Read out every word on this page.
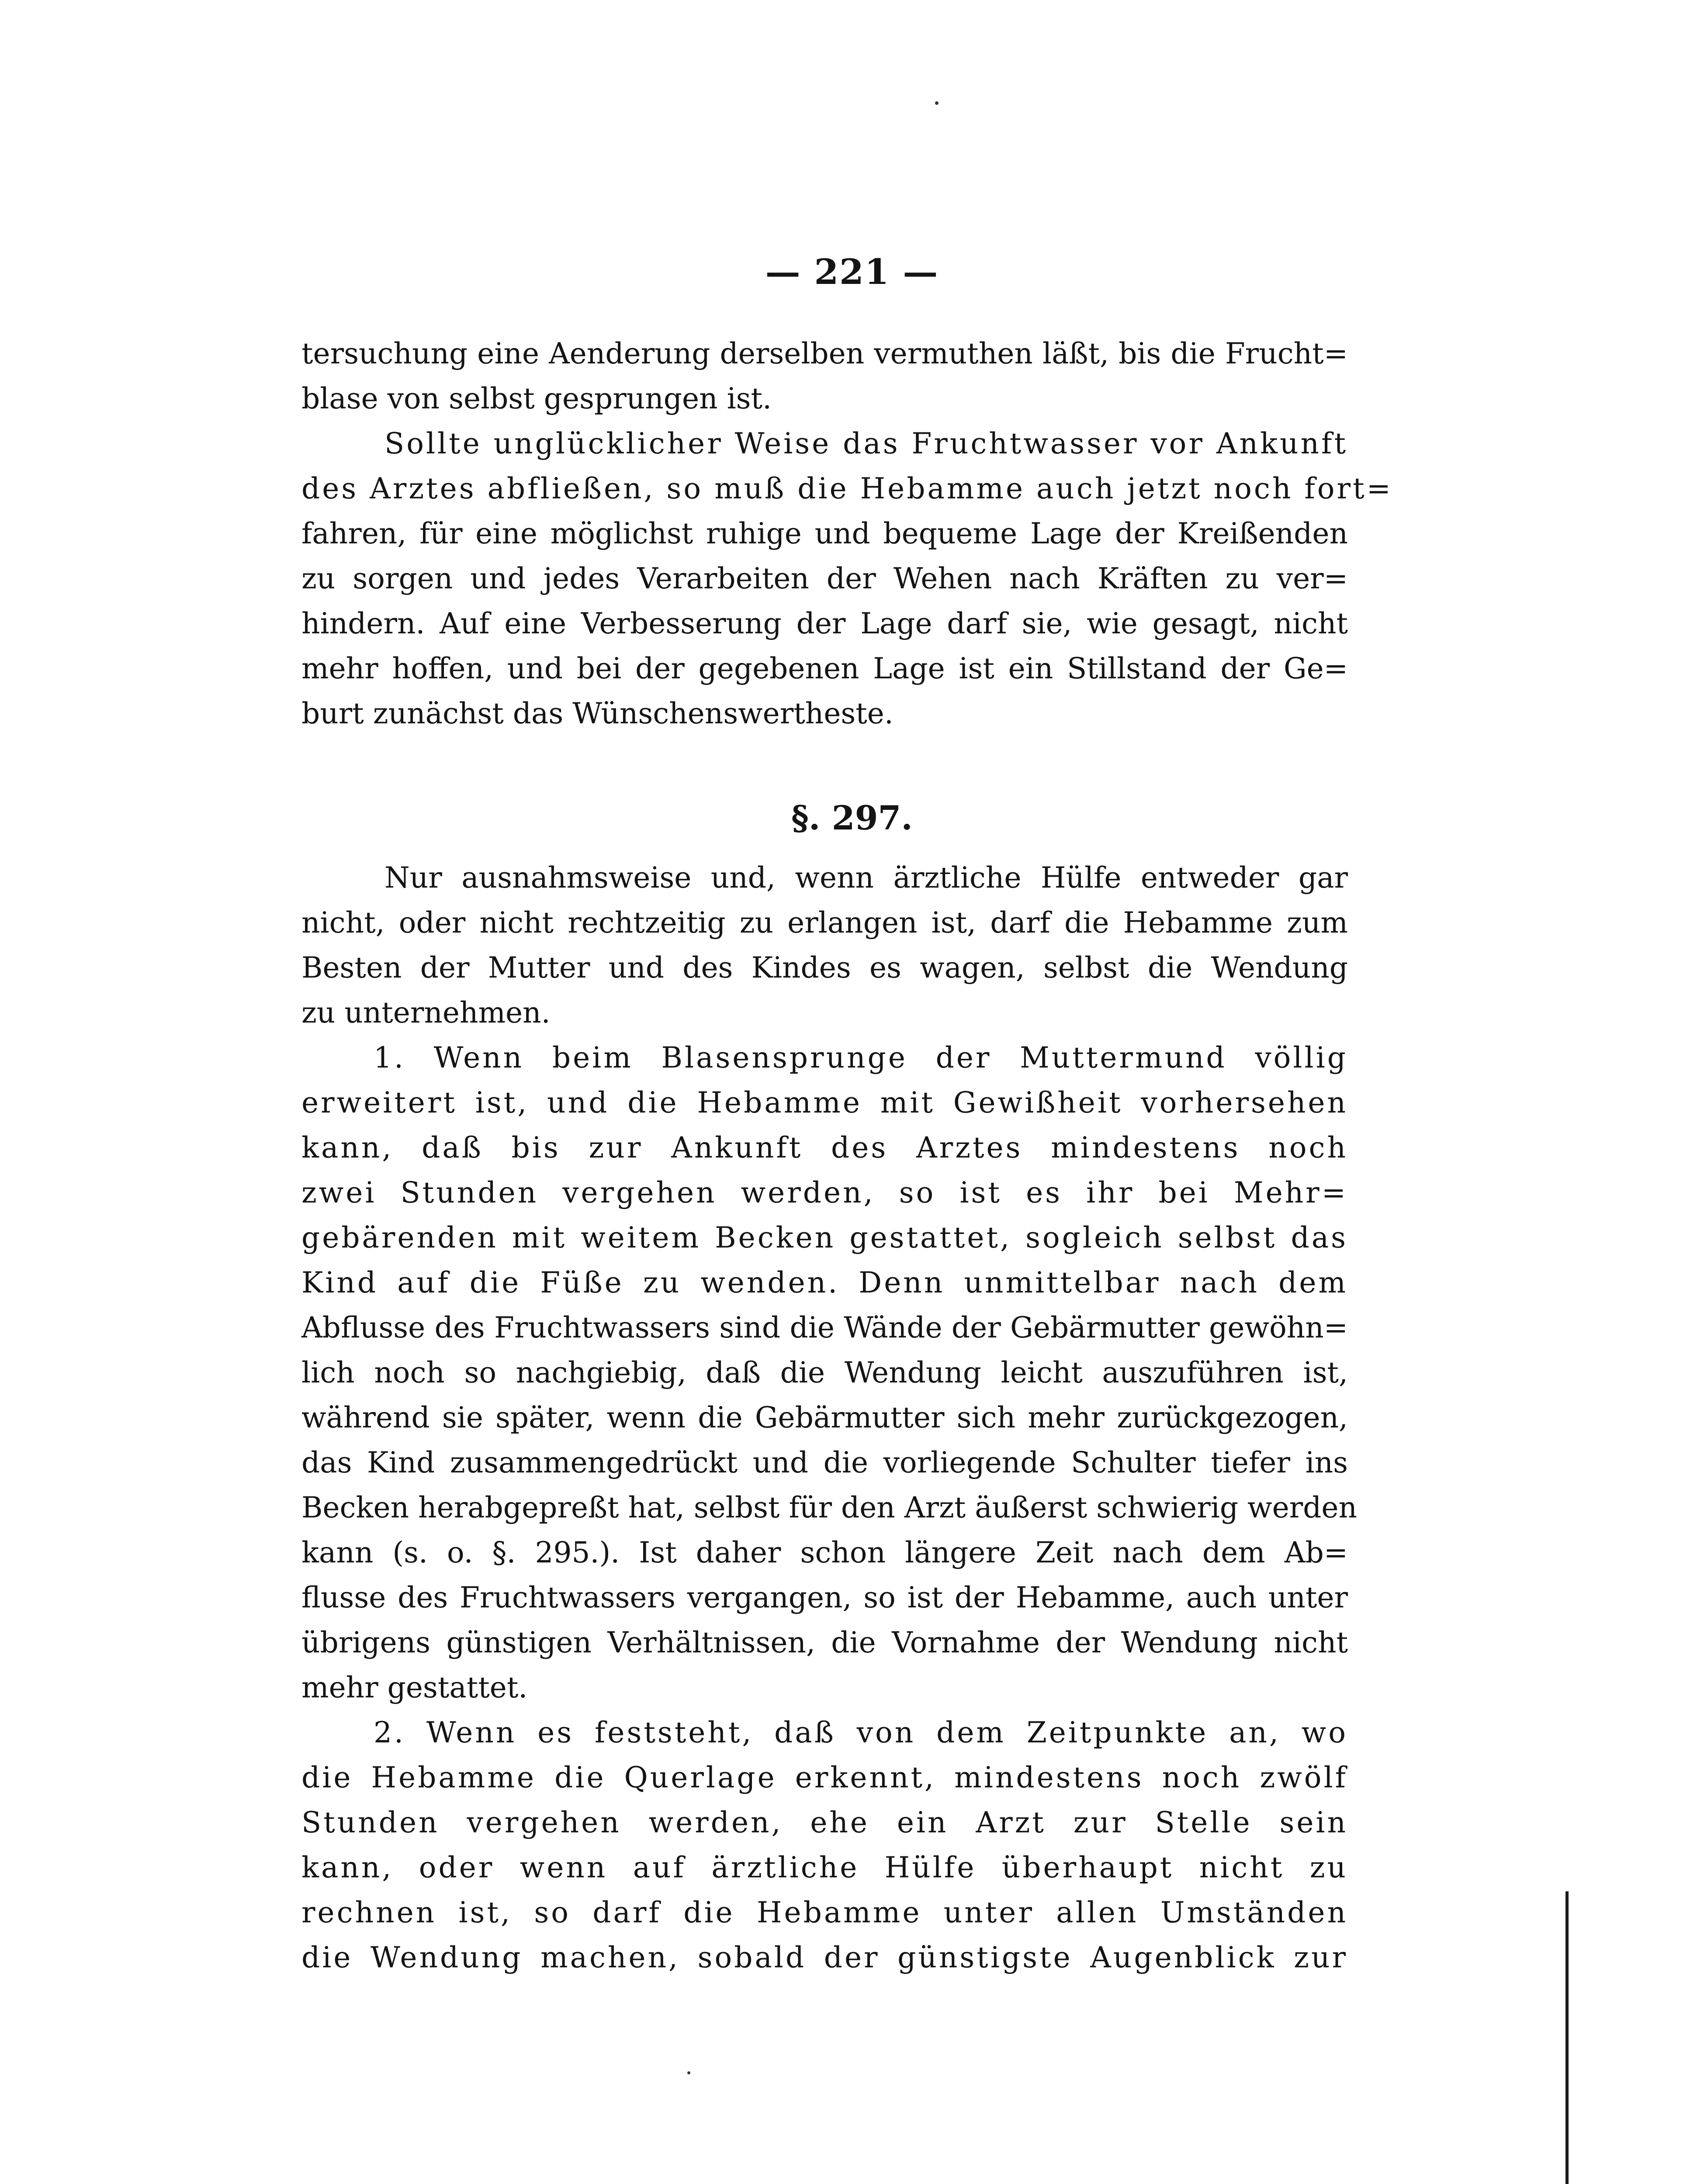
— 221 —
tersuchung eine Aenderung derselben vermuthen läßt, bis die Frucht=
blase von selbst gesprungen ist.
Sollte unglücklicher Weise das Fruchtwasser vor Ankunft
des Arztes abfließen, so muß die Hebamme auch jetzt noch fort=
fahren, für eine möglichst ruhige und bequeme Lage der Kreißenden
zu sorgen und jedes Verarbeiten der Wehen nach Kräften zu ver=
hindern. Auf eine Verbesserung der Lage darf sie, wie gesagt, nicht
mehr hoffen, und bei der gegebenen Lage ist ein Stillstand der Ge=
burt zunächst das Wünschenswertheste.
§. 297.
Nur ausnahmsweise und, wenn ärztliche Hülfe entweder gar
nicht, oder nicht rechtzeitig zu erlangen ist, darf die Hebamme zum
Besten der Mutter und des Kindes es wagen, selbst die Wendung
zu unternehmen.
1. Wenn beim Blasensprunge der Muttermund völlig
erweitert ist, und die Hebamme mit Gewißheit vorhersehen
kann, daß bis zur Ankunft des Arztes mindestens noch
zwei Stunden vergehen werden, so ist es ihr bei Mehr=
gebärenden mit weitem Becken gestattet, sogleich selbst das
Kind auf die Füße zu wenden. Denn unmittelbar nach dem
Abflusse des Fruchtwassers sind die Wände der Gebärmutter gewöhn=
lich noch so nachgiebig, daß die Wendung leicht auszuführen ist,
während sie später, wenn die Gebärmutter sich mehr zurückgezogen,
das Kind zusammengedrückt und die vorliegende Schulter tiefer ins
Becken herabgepreßt hat, selbst für den Arzt äußerst schwierig werden
kann (s. o. §. 295.). Ist daher schon längere Zeit nach dem Ab=
flusse des Fruchtwassers vergangen, so ist der Hebamme, auch unter
übrigens günstigen Verhältnissen, die Vornahme der Wendung nicht
mehr gestattet.
2. Wenn es feststeht, daß von dem Zeitpunkte an, wo
die Hebamme die Querlage erkennt, mindestens noch zwölf
Stunden vergehen werden, ehe ein Arzt zur Stelle sein
kann, oder wenn auf ärztliche Hülfe überhaupt nicht zu
rechnen ist, so darf die Hebamme unter allen Umständen
die Wendung machen, sobald der günstigste Augenblick zur
